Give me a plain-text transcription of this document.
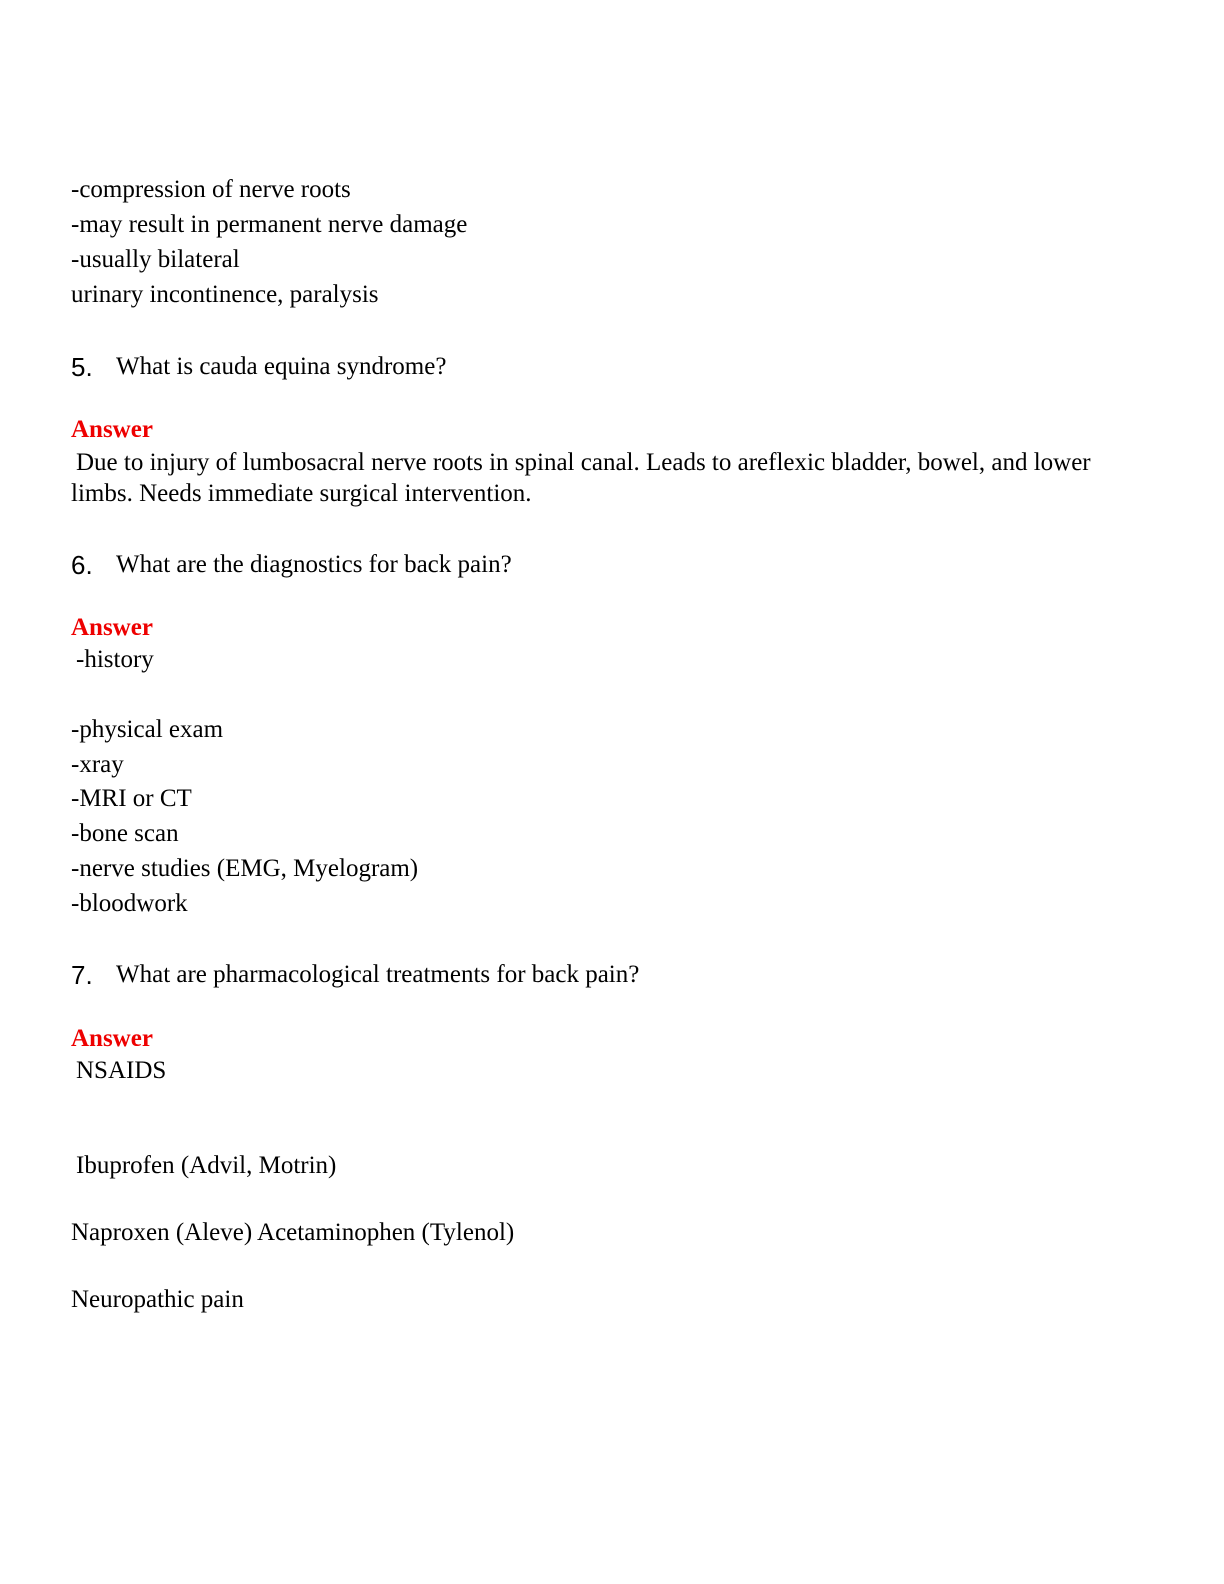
-compression of nerve roots
-may result in permanent nerve damage
-usually bilateral
urinary incontinence, paralysis
5. What is cauda equina syndrome?
Answer
Due to injury of lumbosacral nerve roots in spinal canal. Leads to areflexic bladder, bowel, and lower limbs. Needs immediate surgical intervention.
6. What are the diagnostics for back pain?
Answer
-history
-physical exam
-xray
-MRI or CT
-bone scan
-nerve studies (EMG, Myelogram)
-bloodwork
7. What are pharmacological treatments for back pain?
Answer
NSAIDS
Ibuprofen (Advil, Motrin)
Naproxen (Aleve) Acetaminophen (Tylenol)
Neuropathic pain
